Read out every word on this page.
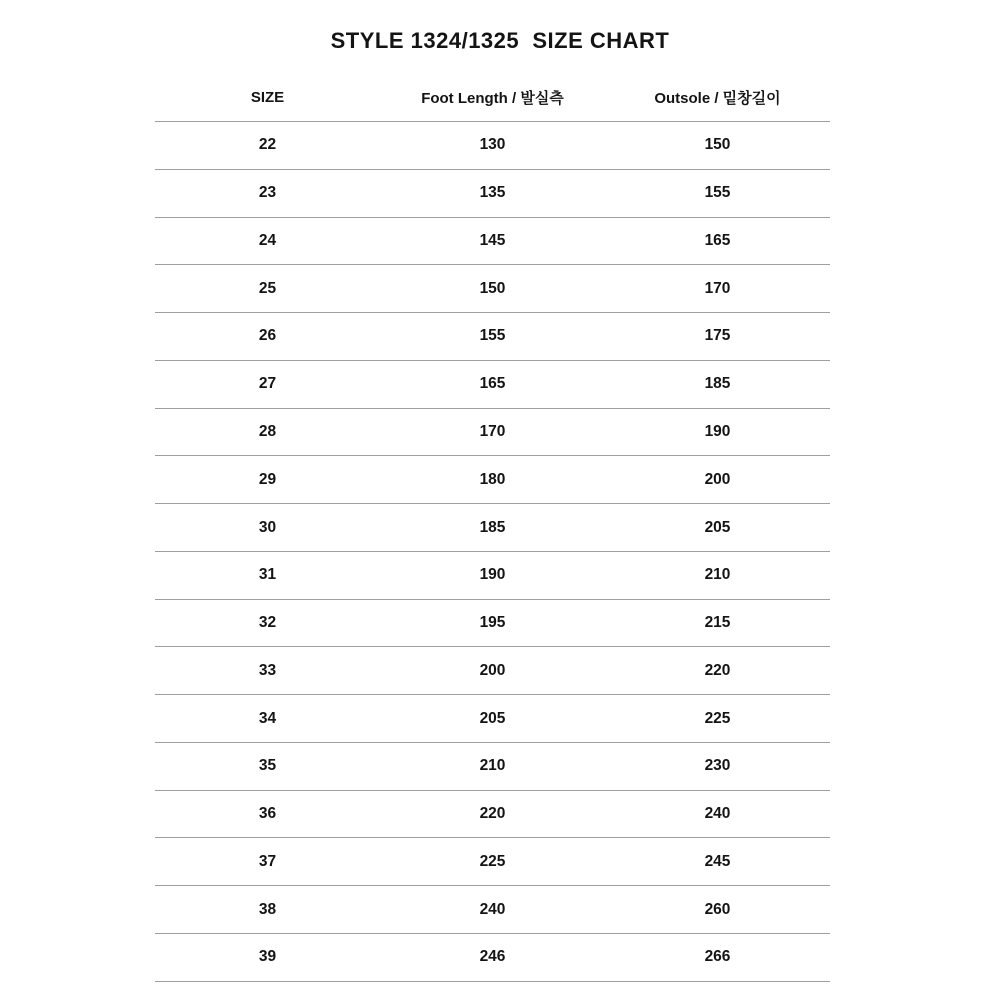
STYLE 1324/1325  SIZE CHART
SIZE	Foot Length / 발실측	Outsole / 밑창길이
22	130	150
23	135	155
24	145	165
25	150	170
26	155	175
27	165	185
28	170	190
29	180	200
30	185	205
31	190	210
32	195	215
33	200	220
34	205	225
35	210	230
36	220	240
37	225	245
38	240	260
39	246	266
